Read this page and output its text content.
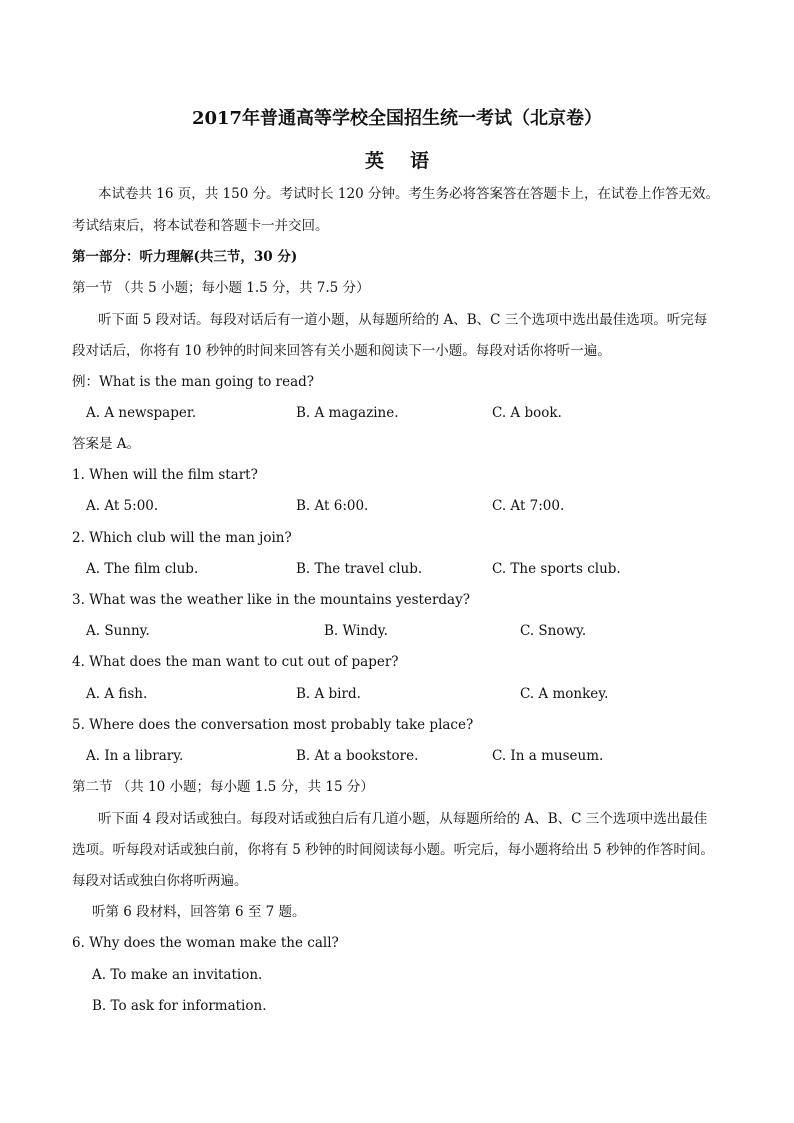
2017年普通高等学校全国招生统一考试（北京卷）
英语
本试卷共 16 页，共 150 分。考试时长 120 分钟。考生务必将答案答在答题卡上，在试卷上作答无效。
考试结束后，将本试卷和答题卡一并交回。
第一部分：听力理解(共三节，30 分)
第一节 （共 5 小题；每小题 1.5 分，共 7.5 分）
听下面 5 段对话。每段对话后有一道小题，从每题所给的 A、B、C 三个选项中选出最佳选项。听完每
段对话后，你将有 10 秒钟的时间来回答有关小题和阅读下一小题。每段对话你将听一遍。
例：What is the man going to read?
A. A newspaper.	B. A magazine.	C. A book.
答案是 A。
1. When will the film start?
A. At 5:00.	B. At 6:00.	C. At 7:00.
2. Which club will the man join?
A. The film club.	B. The travel club.	C. The sports club.
3. What was the weather like in the mountains yesterday?
A. Sunny.	B. Windy.	C. Snowy.
4. What does the man want to cut out of paper?
A. A fish.	B. A bird.	C. A monkey.
5. Where does the conversation most probably take place?
A. In a library.	B. At a bookstore.	C. In a museum.
第二节 （共 10 小题；每小题 1.5 分，共 15 分）
听下面 4 段对话或独白。每段对话或独白后有几道小题，从每题所给的 A、B、C 三个选项中选出最佳
选项。听每段对话或独白前，你将有 5 秒钟的时间阅读每小题。听完后，每小题将给出 5 秒钟的作答时间。
每段对话或独白你将听两遍。
听第 6 段材料，回答第 6 至 7 题。
6. Why does the woman make the call?
A. To make an invitation.
B. To ask for information.
